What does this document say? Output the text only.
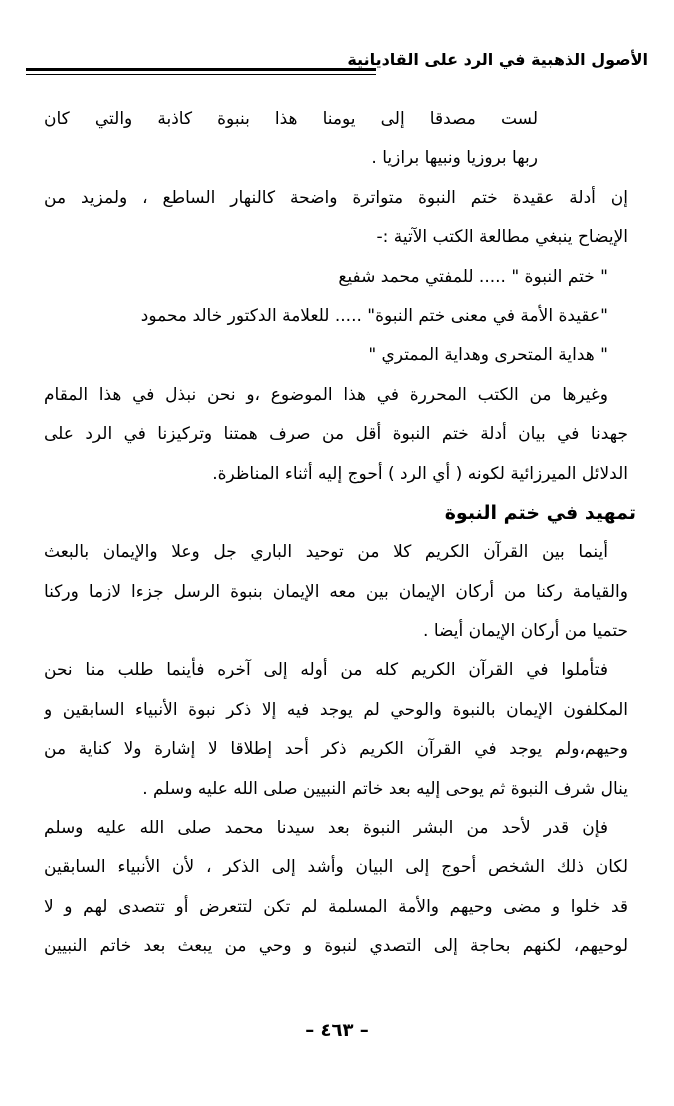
الأصول الذهبية في الرد على القاديانية
لست مصدقا إلى يومنا هذا بنبوة كاذبة والتي كان
ربها بروزيا ونبيها برازيا .
إن أدلة عقيدة ختم النبوة متواترة واضحة كالنهار الساطع ، ولمزيد من
الإيضاح ينبغي مطالعة الكتب الآتية :-
" ختم النبوة " ..... للمفتي محمد شفيع
"عقيدة الأمة في معنى ختم النبوة" ..... للعلامة الدكتور خالد محمود
" هداية المتحرى وهداية الممتري "
وغيرها من الكتب المحررة في هذا الموضوع ،و نحن نبذل في هذا المقام
جهدنا في بيان أدلة ختم النبوة أقل من صرف همتنا وتركيزنا في الرد على
الدلائل الميرزائية لكونه ( أي الرد ) أحوج إليه أثناء المناظرة.
تمهيد في ختم النبوة
أينما بين القرآن الكريم كلا من توحيد الباري جل وعلا والإيمان بالبعث
والقيامة ركنا من أركان الإيمان بين معه الإيمان بنبوة الرسل جزءا لازما وركنا
حتميا من أركان الإيمان أيضا .
فتأملوا في القرآن الكريم كله من أوله إلى آخره فأينما طلب منا نحن
المكلفون الإيمان بالنبوة والوحي لم يوجد فيه إلا ذكر نبوة الأنبياء السابقين و
وحيهم،ولم يوجد في القرآن الكريم ذكر أحد إطلاقا لا إشارة ولا كناية من
ينال شرف النبوة ثم يوحى إليه بعد خاتم النبيين صلى الله عليه وسلم .
فإن قدر لأحد من البشر النبوة بعد سيدنا محمد صلى الله عليه وسلم
لكان ذلك الشخص أحوج إلى البيان وأشد إلى الذكر ، لأن الأنبياء السابقين
قد خلوا و مضى وحيهم والأمة المسلمة لم تكن لتتعرض أو تتصدى لهم و لا
لوحيهم، لكنهم بحاجة إلى التصدي لنبوة و وحي من يبعث بعد خاتم النبيين
– ٤٦٣ –
